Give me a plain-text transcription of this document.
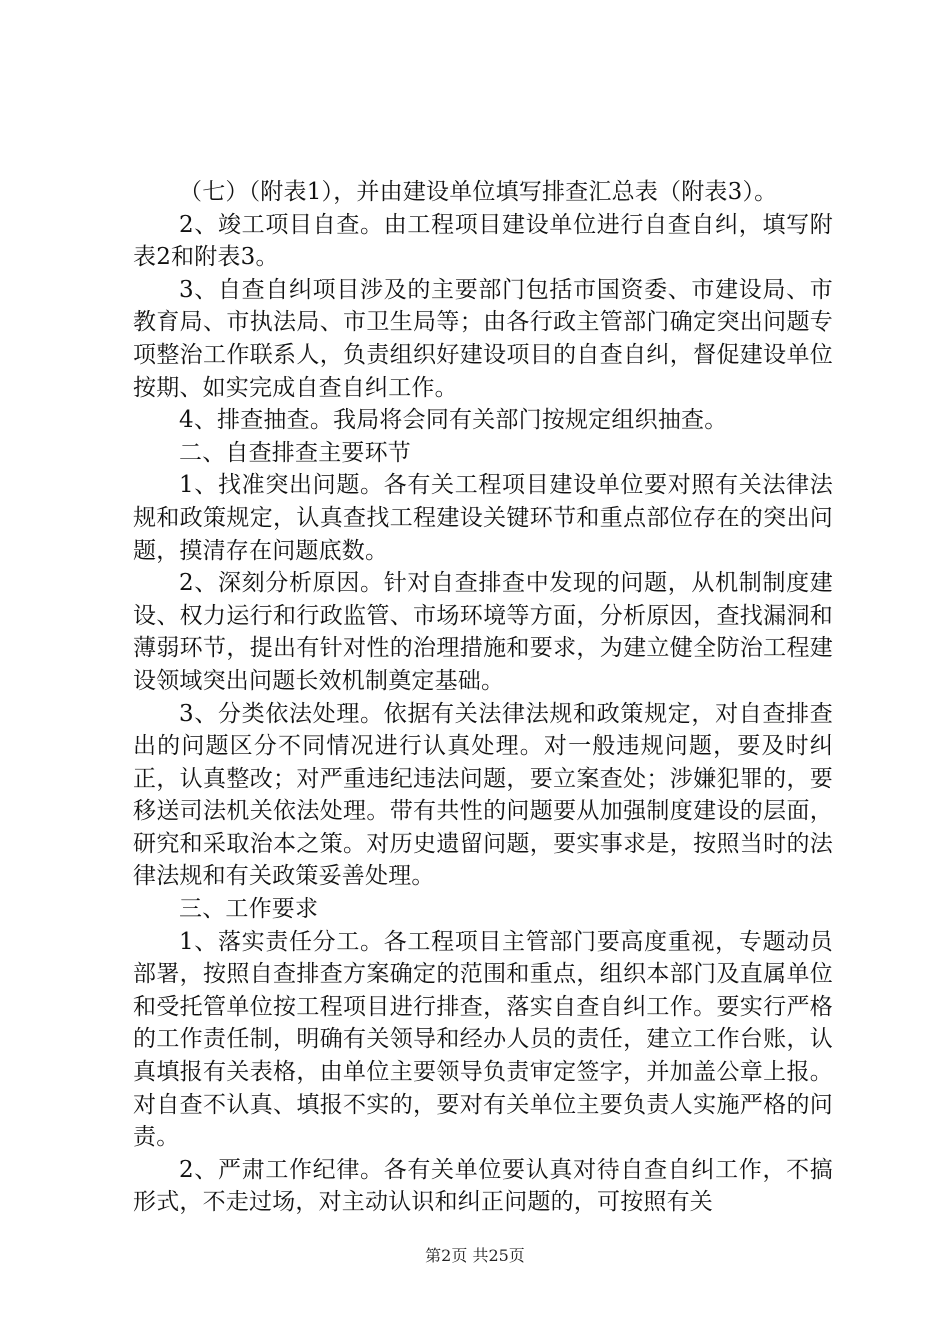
（七）（附表1），并由建设单位填写排查汇总表（附表3）。

2、竣工项目自查。由工程项目建设单位进行自查自纠，填写附表2和附表3。

3、自查自纠项目涉及的主要部门包括市国资委、市建设局、市教育局、市执法局、市卫生局等；由各行政主管部门确定突出问题专项整治工作联系人，负责组织好建设项目的自查自纠，督促建设单位按期、如实完成自查自纠工作。

4、排查抽查。我局将会同有关部门按规定组织抽查。

二、自查排查主要环节

1、找准突出问题。各有关工程项目建设单位要对照有关法律法规和政策规定，认真查找工程建设关键环节和重点部位存在的突出问题，摸清存在问题底数。

2、深刻分析原因。针对自查排查中发现的问题，从机制制度建设、权力运行和行政监管、市场环境等方面，分析原因，查找漏洞和薄弱环节，提出有针对性的治理措施和要求，为建立健全防治工程建设领域突出问题长效机制奠定基础。

3、分类依法处理。依据有关法律法规和政策规定，对自查排查出的问题区分不同情况进行认真处理。对一般违规问题，要及时纠正，认真整改；对严重违纪违法问题，要立案查处；涉嫌犯罪的，要移送司法机关依法处理。带有共性的问题要从加强制度建设的层面，研究和采取治本之策。对历史遗留问题，要实事求是，按照当时的法律法规和有关政策妥善处理。

三、工作要求

1、落实责任分工。各工程项目主管部门要高度重视，专题动员部署，按照自查排查方案确定的范围和重点，组织本部门及直属单位和受托管单位按工程项目进行排查，落实自查自纠工作。要实行严格的工作责任制，明确有关领导和经办人员的责任，建立工作台账，认真填报有关表格，由单位主要领导负责审定签字，并加盖公章上报。对自查不认真、填报不实的，要对有关单位主要负责人实施严格的问责。

2、严肃工作纪律。各有关单位要认真对待自查自纠工作，不搞形式，不走过场，对主动认识和纠正问题的，可按照有关

第2页 共25页
